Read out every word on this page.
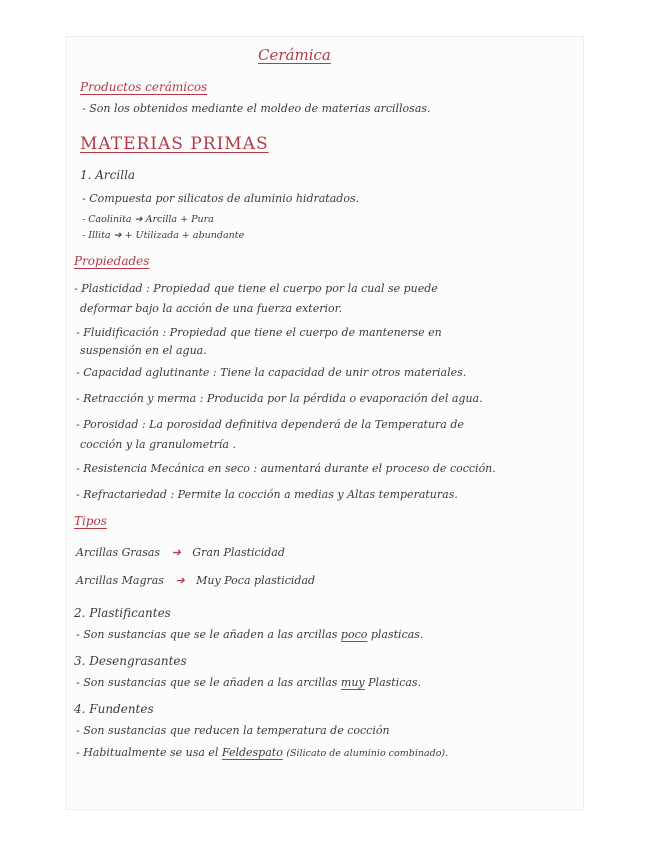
Cerámica
Productos cerámicos
- Son los obtenidos mediante el moldeo de materias arcillosas.
MATERIAS PRIMAS
1. Arcilla
- Compuesta por silicatos de aluminio hidratados.
- Caolinita ➔ Arcilla + Pura
- Illita ➔ + Utilizada + abundante
Propiedades
- Plasticidad : Propiedad que tiene el cuerpo por la cual se puede
deformar bajo la acción de una fuerza exterior.
- Fluidificación : Propiedad que tiene el cuerpo de mantenerse en
suspensión en el agua.
- Capacidad aglutinante : Tiene la capacidad de unir otros materiales.
- Retracción y merma : Producida por la pérdida o evaporación del agua.
- Porosidad : La porosidad definitiva dependerá de la Temperatura de
cocción y la granulometría .
- Resistencia Mecánica en seco : aumentará durante el proceso de cocción.
- Refractariedad : Permite la cocción a medias y Altas temperaturas.
Tipos
Arcillas Grasas ➔ Gran Plasticidad
Arcillas Magras ➔ Muy Poca plasticidad
2. Plastificantes
- Son sustancias que se le añaden a las arcillas poco plasticas.
3. Desengrasantes
- Son sustancias que se le añaden a las arcillas muy Plasticas.
4. Fundentes
- Son sustancias que reducen la temperatura de cocción
- Habitualmente se usa el Feldespato (Silicato de aluminio combinado).
